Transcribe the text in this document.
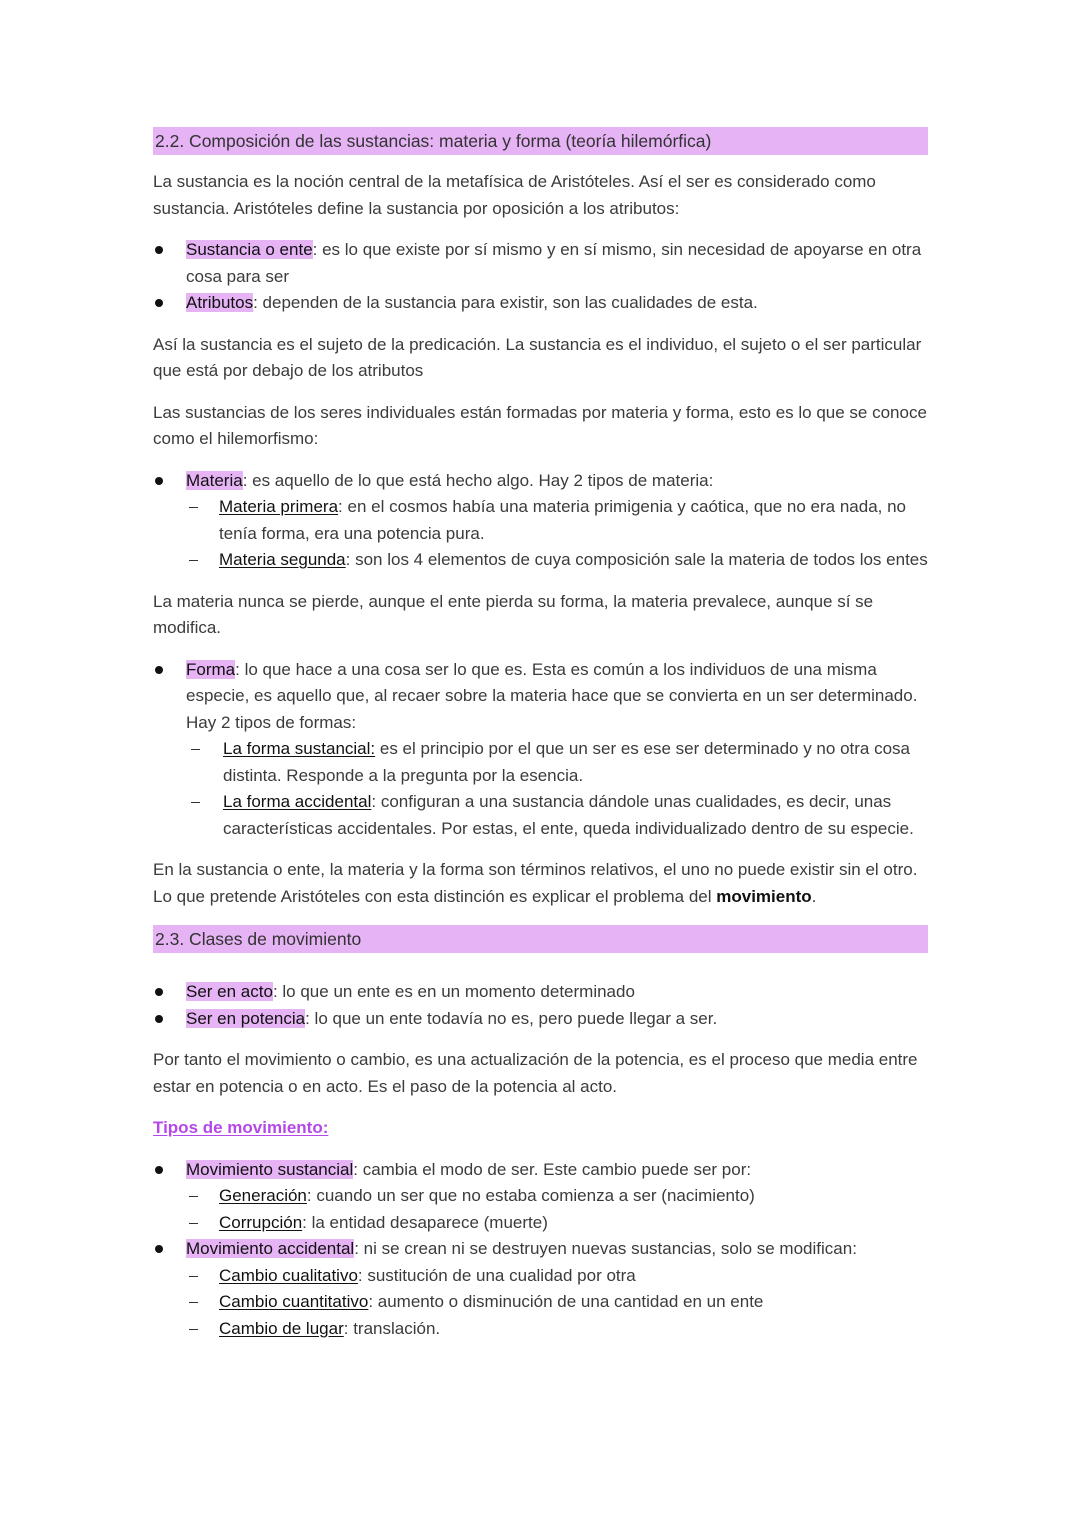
2.2. Composición de las sustancias: materia y forma (teoría hilemórfica)

La sustancia es la noción central de la metafísica de Aristóteles. Así el ser es considerado como sustancia. Aristóteles define la sustancia por oposición a los atributos:

Sustancia o ente: es lo que existe por sí mismo y en sí mismo, sin necesidad de apoyarse en otra cosa para ser
Atributos: dependen de la sustancia para existir, son las cualidades de esta.

Así la sustancia es el sujeto de la predicación. La sustancia es el individuo, el sujeto o el ser particular que está por debajo de los atributos

Las sustancias de los seres individuales están formadas por materia y forma, esto es lo que se conoce como el hilemorfismo:

Materia: es aquello de lo que está hecho algo. Hay 2 tipos de materia:
Materia primera: en el cosmos había una materia primigenia y caótica, que no era nada, no tenía forma, era una potencia pura.
Materia segunda: son los 4 elementos de cuya composición sale la materia de todos los entes

La materia nunca se pierde, aunque el ente pierda su forma, la materia prevalece, aunque sí se modifica.

Forma: lo que hace a una cosa ser lo que es. Esta es común a los individuos de una misma especie, es aquello que, al recaer sobre la materia hace que se convierta en un ser determinado. Hay 2 tipos de formas:
La forma sustancial: es el principio por el que un ser es ese ser determinado y no otra cosa distinta. Responde a la pregunta por la esencia.
La forma accidental: configuran a una sustancia dándole unas cualidades, es decir, unas características accidentales. Por estas, el ente, queda individualizado dentro de su especie.

En la sustancia o ente, la materia y la forma son términos relativos, el uno no puede existir sin el otro. Lo que pretende Aristóteles con esta distinción es explicar el problema del movimiento.

2.3. Clases de movimiento
Ser en acto: lo que un ente es en un momento determinado
Ser en potencia: lo que un ente todavía no es, pero puede llegar a ser.

Por tanto el movimiento o cambio, es una actualización de la potencia, es el proceso que media entre estar en potencia o en acto. Es el paso de la potencia al acto.

Tipos de movimiento:

Movimiento sustancial: cambia el modo de ser. Este cambio puede ser por:
Generación: cuando un ser que no estaba comienza a ser (nacimiento)
Corrupción: la entidad desaparece (muerte)
Movimiento accidental: ni se crean ni se destruyen nuevas sustancias, solo se modifican:
Cambio cualitativo: sustitución de una cualidad por otra
Cambio cuantitativo: aumento o disminución de una cantidad en un ente
Cambio de lugar: translación.
